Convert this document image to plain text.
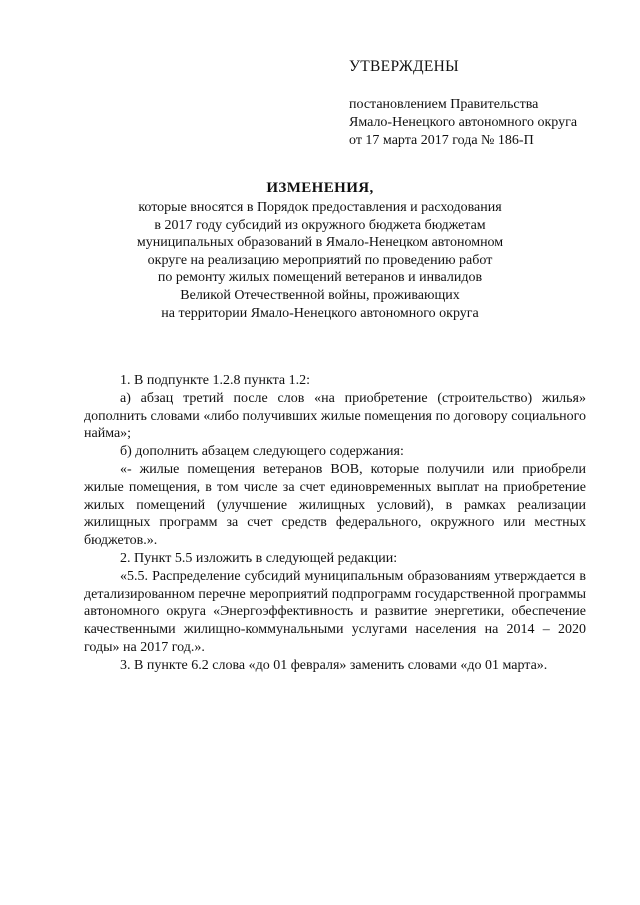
УТВЕРЖДЕНЫ
постановлением Правительства
Ямало-Ненецкого автономного округа
от 17 марта 2017 года № 186-П
ИЗМЕНЕНИЯ,
которые вносятся в Порядок предоставления и расходования
в 2017 году субсидий из окружного бюджета бюджетам
муниципальных образований в Ямало-Ненецком автономном
округе на реализацию мероприятий по проведению работ
по ремонту жилых помещений ветеранов и инвалидов
Великой Отечественной войны, проживающих
на территории Ямало-Ненецкого автономного округа

1. В подпункте 1.2.8 пункта 1.2:

а) абзац третий после слов «на приобретение (строительство) жилья» дополнить словами «либо получивших жилые помещения по договору социального найма»;

б) дополнить абзацем следующего содержания:

«- жилые помещения ветеранов ВОВ, которые получили или приобрели жилые помещения, в том числе за счет единовременных выплат на приобретение жилых помещений (улучшение жилищных условий), в рамках реализации жилищных программ за счет средств федерального, окружного или местных бюджетов.».

2. Пункт 5.5 изложить в следующей редакции:

«5.5. Распределение субсидий муниципальным образованиям утверждается в детализированном перечне мероприятий подпрограмм государственной программы автономного округа «Энергоэффективность и развитие энергетики, обеспечение качественными жилищно-коммунальными услугами населения на 2014 – 2020 годы» на 2017 год.».

3. В пункте 6.2 слова «до 01 февраля» заменить словами «до 01 марта».
